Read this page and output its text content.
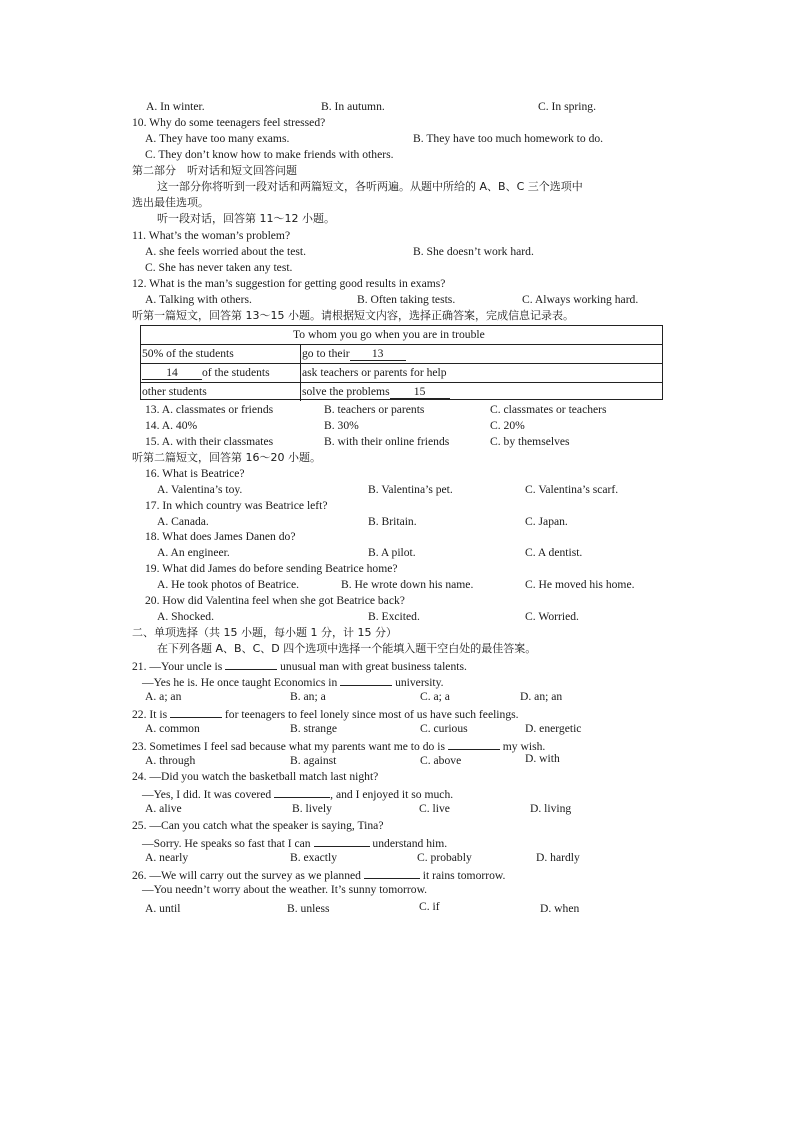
A. In winter.	B. In autumn.	C. In spring.
10. Why do some teenagers feel stressed?
A. They have too many exams.	B. They have too much homework to do.
C. They don’t know how to make friends with others.
第二部分　听对话和短文回答问题
这一部分你将听到一段对话和两篇短文，各听两遍。从题中所给的 A、B、C 三个选项中
选出最佳选项。
听一段对话，回答第 11～12 小题。
11. What’s the woman’s problem?
A. she feels worried about the test.	B. She doesn’t work hard.
C. She has never taken any test.
12. What is the man’s suggestion for getting good results in exams?
A. Talking with others.	B. Often taking tests.	C. Always working hard.
听第一篇短文，回答第 13～15 小题。请根据短文内容，选择正确答案，完成信息记录表。
To whom you go when you are in trouble
50% of the students	go to their 13
14 of the students	ask teachers or parents for help
other students	solve the problems 15
13. A. classmates or friends	B. teachers or parents	C. classmates or teachers
14. A. 40%	B. 30%	C. 20%
15. A. with their classmates	B. with their online friends	C. by themselves
听第二篇短文，回答第 16～20 小题。
16. What is Beatrice?
A. Valentina’s toy.	B. Valentina’s pet.	C. Valentina’s scarf.
17. In which country was Beatrice left?
A. Canada.	B. Britain.	C. Japan.
18. What does James Danen do?
A. An engineer.	B. A pilot.	C. A dentist.
19. What did James do before sending Beatrice home?
A. He took photos of Beatrice.	B. He wrote down his name.	C. He moved his home.
20. How did Valentina feel when she got Beatrice back?
A. Shocked.	B. Excited.	C. Worried.
二、单项选择（共 15 小题，每小题 1 分，计 15 分）
在下列各题 A、B、C、D 四个选项中选择一个能填入题干空白处的最佳答案。
21. —Your uncle is	unusual man with great business talents.
—Yes he is. He once taught Economics in	university.
A. a; an	B. an; a	C. a; a	D. an; an
22. It is	for teenagers to feel lonely since most of us have such feelings.
A. common	B. strange	C. curious	D. energetic
23. Sometimes I feel sad because what my parents want me to do is	my wish.
A. through	B. against	C. above	D. with
24. —Did you watch the basketball match last night?
—Yes, I did. It was covered	, and I enjoyed it so much.
A. alive	B. lively	C. live	D. living
25. —Can you catch what the speaker is saying, Tina?
—Sorry. He speaks so fast that I can	understand him.
A. nearly	B. exactly	C. probably	D. hardly
26. —We will carry out the survey as we planned	it rains tomorrow.
—You needn’t worry about the weather. It’s sunny tomorrow.
A. until	B. unless	C. if	D. when
